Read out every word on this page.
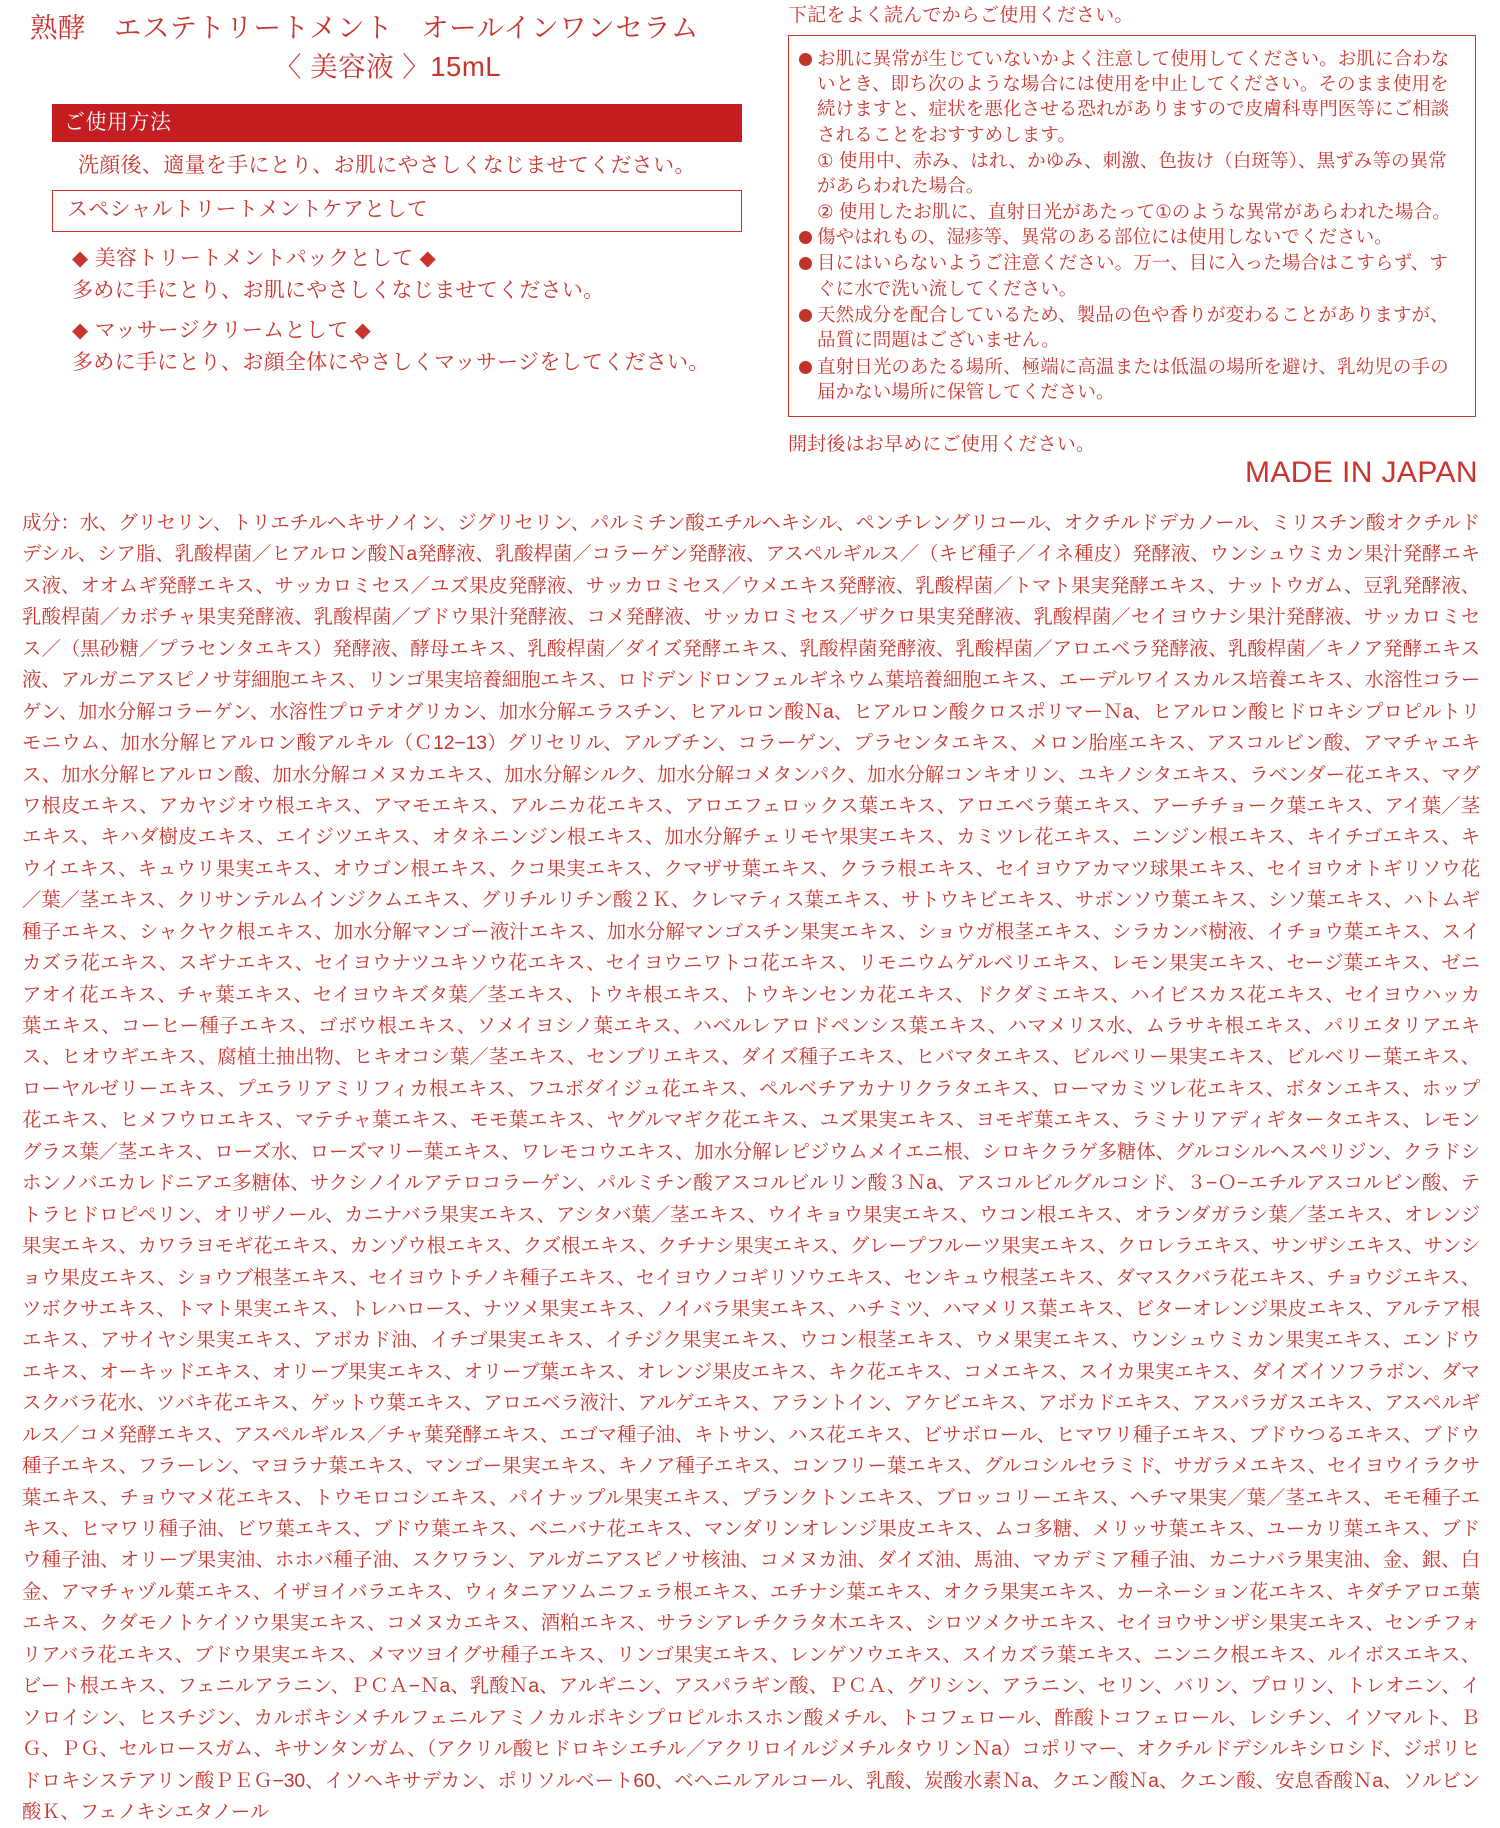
熟酵　エステトリートメント　オールインワンセラム
〈 美容液 〉15mL
ご使用方法
洗顔後、適量を手にとり、お肌にやさしくなじませてください。
スペシャルトリートメントケアとして
◆ 美容トリートメントパックとして ◆
多めに手にとり、お肌にやさしくなじませてください。
◆ マッサージクリームとして ◆
多めに手にとり、お顔全体にやさしくマッサージをしてください。
下記をよく読んでからご使用ください。
お肌に異常が生じていないかよく注意して使用してください。お肌に合わないとき、即ち次のような場合には使用を中止してください。そのまま使用を続けますと、症状を悪化させる恐れがありますので皮膚科専門医等にご相談されることをおすすめします。
① 使用中、赤み、はれ、かゆみ、刺激、色抜け（白斑等）、黒ずみ等の異常があらわれた場合。
② 使用したお肌に、直射日光があたって①のような異常があらわれた場合。
傷やはれもの、湿疹等、異常のある部位には使用しないでください。
目にはいらないようご注意ください。万一、目に入った場合はこすらず、すぐに水で洗い流してください。
天然成分を配合しているため、製品の色や香りが変わることがありますが、品質に問題はございません。
直射日光のあたる場所、極端に高温または低温の場所を避け、乳幼児の手の届かない場所に保管してください。
開封後はお早めにご使用ください。
MADE IN JAPAN
成分：水、グリセリン、トリエチルヘキサノイン、ジグリセリン、パルミチン酸エチルヘキシル、ペンチレングリコール、オクチルドデカノール、ミリスチン酸オクチルドデシル、シア脂、乳酸桿菌／ヒアルロン酸Ｎa発酵液、乳酸桿菌／コラーゲン発酵液、アスペルギルス／（キビ種子／イネ種皮）発酵液、ウンシュウミカン果汁発酵エキス液、オオムギ発酵エキス、サッカロミセス／ユズ果皮発酵液、サッカロミセス／ウメエキス発酵液、乳酸桿菌／トマト果実発酵エキス、ナットウガム、豆乳発酵液、乳酸桿菌／カボチャ果実発酵液、乳酸桿菌／ブドウ果汁発酵液、コメ発酵液、サッカロミセス／ザクロ果実発酵液、乳酸桿菌／セイヨウナシ果汁発酵液、サッカロミセス／（黒砂糖／プラセンタエキス）発酵液、酵母エキス、乳酸桿菌／ダイズ発酵エキス、乳酸桿菌発酵液、乳酸桿菌／アロエベラ発酵液、乳酸桿菌／キノア発酵エキス液、アルガニアスピノサ芽細胞エキス、リンゴ果実培養細胞エキス、ロドデンドロンフェルギネウム葉培養細胞エキス、エーデルワイスカルス培養エキス、水溶性コラーゲン、加水分解コラーゲン、水溶性プロテオグリカン、加水分解エラスチン、ヒアルロン酸Ｎa、ヒアルロン酸クロスポリマーＮa、ヒアルロン酸ヒドロキシプロピルトリモニウム、加水分解ヒアルロン酸アルキル（Ｃ12−13）グリセリル、アルブチン、コラーゲン、プラセンタエキス、メロン胎座エキス、アスコルビン酸、アマチャエキス、加水分解ヒアルロン酸、加水分解コメヌカエキス、加水分解シルク、加水分解コメタンパク、加水分解コンキオリン、ユキノシタエキス、ラベンダー花エキス、マグワ根皮エキス、アカヤジオウ根エキス、アマモエキス、アルニカ花エキス、アロエフェロックス葉エキス、アロエベラ葉エキス、アーチチョーク葉エキス、アイ葉／茎エキス、キハダ樹皮エキス、エイジツエキス、オタネニンジン根エキス、加水分解チェリモヤ果実エキス、カミツレ花エキス、ニンジン根エキス、キイチゴエキス、キウイエキス、キュウリ果実エキス、オウゴン根エキス、クコ果実エキス、クマザサ葉エキス、クララ根エキス、セイヨウアカマツ球果エキス、セイヨウオトギリソウ花／葉／茎エキス、クリサンテルムインジクムエキス、グリチルリチン酸２Ｋ、クレマティス葉エキス、サトウキビエキス、サボンソウ葉エキス、シソ葉エキス、ハトムギ種子エキス、シャクヤク根エキス、加水分解マンゴー液汁エキス、加水分解マンゴスチン果実エキス、ショウガ根茎エキス、シラカンバ樹液、イチョウ葉エキス、スイカズラ花エキス、スギナエキス、セイヨウナツユキソウ花エキス、セイヨウニワトコ花エキス、リモニウムゲルベリエキス、レモン果実エキス、セージ葉エキス、ゼニアオイ花エキス、チャ葉エキス、セイヨウキズタ葉／茎エキス、トウキ根エキス、トウキンセンカ花エキス、ドクダミエキス、ハイビスカス花エキス、セイヨウハッカ葉エキス、コーヒー種子エキス、ゴボウ根エキス、ソメイヨシノ葉エキス、ハベルレアロドペンシス葉エキス、ハマメリス水、ムラサキ根エキス、パリエタリアエキス、ヒオウギエキス、腐植土抽出物、ヒキオコシ葉／茎エキス、センブリエキス、ダイズ種子エキス、ヒバマタエキス、ビルベリー果実エキス、ビルベリー葉エキス、ローヤルゼリーエキス、プエラリアミリフィカ根エキス、フユボダイジュ花エキス、ペルベチアカナリクラタエキス、ローマカミツレ花エキス、ボタンエキス、ホップ花エキス、ヒメフウロエキス、マテチャ葉エキス、モモ葉エキス、ヤグルマギク花エキス、ユズ果実エキス、ヨモギ葉エキス、ラミナリアディギタータエキス、レモングラス葉／茎エキス、ローズ水、ローズマリー葉エキス、ワレモコウエキス、加水分解レピジウムメイエニ根、シロキクラゲ多糖体、グルコシルヘスペリジン、クラドシホンノバエカレドニアエ多糖体、サクシノイルアテロコラーゲン、パルミチン酸アスコルビルリン酸３Ｎa、アスコルビルグルコシド、３−Ｏ−エチルアスコルビン酸、テトラヒドロピペリン、オリザノール、カニナバラ果実エキス、アシタバ葉／茎エキス、ウイキョウ果実エキス、ウコン根エキス、オランダガラシ葉／茎エキス、オレンジ果実エキス、カワラヨモギ花エキス、カンゾウ根エキス、クズ根エキス、クチナシ果実エキス、グレープフルーツ果実エキス、クロレラエキス、サンザシエキス、サンショウ果皮エキス、ショウブ根茎エキス、セイヨウトチノキ種子エキス、セイヨウノコギリソウエキス、センキュウ根茎エキス、ダマスクバラ花エキス、チョウジエキス、ツボクサエキス、トマト果実エキス、トレハロース、ナツメ果実エキス、ノイバラ果実エキス、ハチミツ、ハマメリス葉エキス、ビターオレンジ果皮エキス、アルテア根エキス、アサイヤシ果実エキス、アボカド油、イチゴ果実エキス、イチジク果実エキス、ウコン根茎エキス、ウメ果実エキス、ウンシュウミカン果実エキス、エンドウエキス、オーキッドエキス、オリーブ果実エキス、オリーブ葉エキス、オレンジ果皮エキス、キク花エキス、コメエキス、スイカ果実エキス、ダイズイソフラボン、ダマスクバラ花水、ツバキ花エキス、ゲットウ葉エキス、アロエベラ液汁、アルゲエキス、アラントイン、アケビエキス、アボカドエキス、アスパラガスエキス、アスペルギルス／コメ発酵エキス、アスペルギルス／チャ葉発酵エキス、エゴマ種子油、キトサン、ハス花エキス、ビサボロール、ヒマワリ種子エキス、ブドウつるエキス、ブドウ種子エキス、フラーレン、マヨラナ葉エキス、マンゴー果実エキス、キノア種子エキス、コンフリー葉エキス、グルコシルセラミド、サガラメエキス、セイヨウイラクサ葉エキス、チョウマメ花エキス、トウモロコシエキス、パイナップル果実エキス、プランクトンエキス、ブロッコリーエキス、ヘチマ果実／葉／茎エキス、モモ種子エキス、ヒマワリ種子油、ビワ葉エキス、ブドウ葉エキス、ベニバナ花エキス、マンダリンオレンジ果皮エキス、ムコ多糖、メリッサ葉エキス、ユーカリ葉エキス、ブドウ種子油、オリーブ果実油、ホホバ種子油、スクワラン、アルガニアスピノサ核油、コメヌカ油、ダイズ油、馬油、マカデミア種子油、カニナバラ果実油、金、銀、白金、アマチャヅル葉エキス、イザヨイバラエキス、ウィタニアソムニフェラ根エキス、エチナシ葉エキス、オクラ果実エキス、カーネーション花エキス、キダチアロエ葉エキス、クダモノトケイソウ果実エキス、コメヌカエキス、酒粕エキス、サラシアレチクラタ木エキス、シロツメクサエキス、セイヨウサンザシ果実エキス、センチフォリアバラ花エキス、ブドウ果実エキス、メマツヨイグサ種子エキス、リンゴ果実エキス、レンゲソウエキス、スイカズラ葉エキス、ニンニク根エキス、ルイボスエキス、ビート根エキス、フェニルアラニン、ＰＣＡ−Ｎa、乳酸Ｎa、アルギニン、アスパラギン酸、ＰＣＡ、グリシン、アラニン、セリン、バリン、プロリン、トレオニン、イソロイシン、ヒスチジン、カルボキシメチルフェニルアミノカルボキシプロピルホスホン酸メチル、トコフェロール、酢酸トコフェロール、レシチン、イソマルト、ＢＧ、ＰＧ、セルロースガム、キサンタンガム、（アクリル酸ヒドロキシエチル／アクリロイルジメチルタウリンＮa）コポリマー、オクチルドデシルキシロシド、ジポリヒドロキシステアリン酸ＰＥＧ−30、イソヘキサデカン、ポリソルベート60、ベヘニルアルコール、乳酸、炭酸水素Ｎa、クエン酸Ｎa、クエン酸、安息香酸Ｎa、ソルビン酸Ｋ、フェノキシエタノール
